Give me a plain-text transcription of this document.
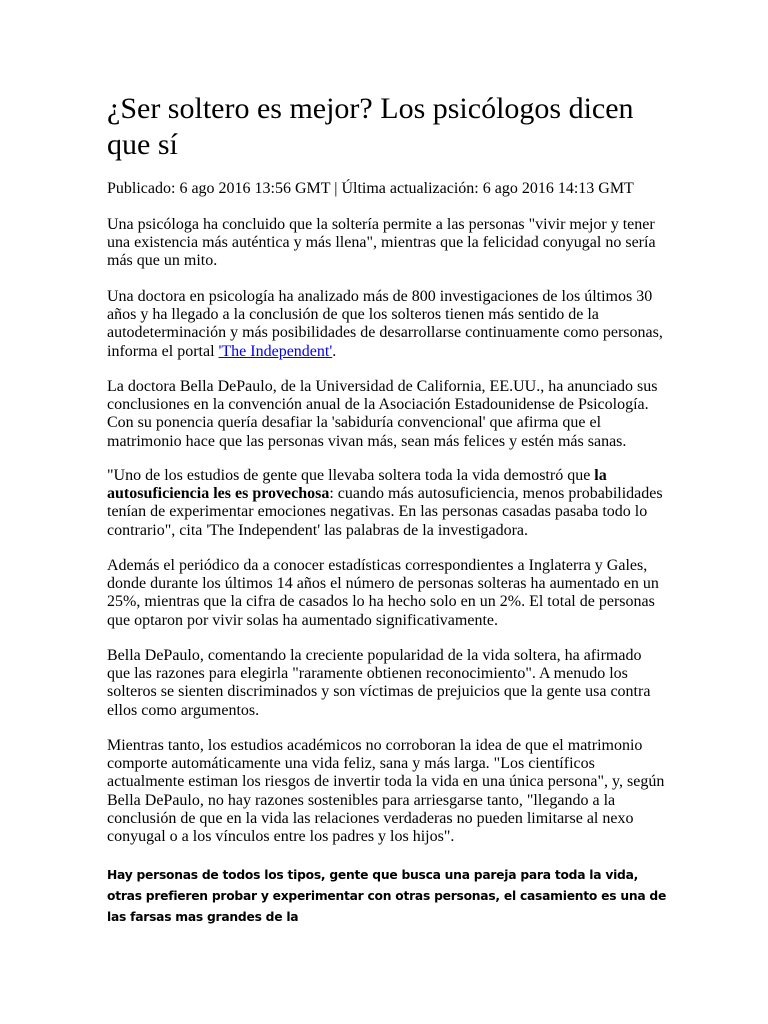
¿Ser soltero es mejor? Los psicólogos dicen que sí

Publicado: 6 ago 2016 13:56 GMT | Última actualización: 6 ago 2016 14:13 GMT

Una psicóloga ha concluido que la soltería permite a las personas "vivir mejor y tener una existencia más auténtica y más llena", mientras que la felicidad conyugal no sería más que un mito.

Una doctora en psicología ha analizado más de 800 investigaciones de los últimos 30 años y ha llegado a la conclusión de que los solteros tienen más sentido de la autodeterminación y más posibilidades de desarrollarse continuamente como personas, informa el portal 'The Independent'.

La doctora Bella DePaulo, de la Universidad de California, EE.UU., ha anunciado sus conclusiones en la convención anual de la Asociación Estadounidense de Psicología. Con su ponencia quería desafiar la 'sabiduría convencional' que afirma que el matrimonio hace que las personas vivan más, sean más felices y estén más sanas.

"Uno de los estudios de gente que llevaba soltera toda la vida demostró que la autosuficiencia les es provechosa: cuando más autosuficiencia, menos probabilidades tenían de experimentar emociones negativas. En las personas casadas pasaba todo lo contrario", cita 'The Independent' las palabras de la investigadora.

Además el periódico da a conocer estadísticas correspondientes a Inglaterra y Gales, donde durante los últimos 14 años el número de personas solteras ha aumentado en un 25%, mientras que la cifra de casados lo ha hecho solo en un 2%. El total de personas que optaron por vivir solas ha aumentado significativamente.

Bella DePaulo, comentando la creciente popularidad de la vida soltera, ha afirmado que las razones para elegirla "raramente obtienen reconocimiento". A menudo los solteros se sienten discriminados y son víctimas de prejuicios que la gente usa contra ellos como argumentos.

Mientras tanto, los estudios académicos no corroboran la idea de que el matrimonio comporte automáticamente una vida feliz, sana y más larga. "Los científicos actualmente estiman los riesgos de invertir toda la vida en una única persona", y, según Bella DePaulo, no hay razones sostenibles para arriesgarse tanto, "llegando a la conclusión de que en la vida las relaciones verdaderas no pueden limitarse al nexo conyugal o a los vínculos entre los padres y los hijos".

Hay personas de todos los tipos, gente que busca una pareja para toda la vida, otras prefieren probar y experimentar con otras personas, el casamiento es una de las farsas mas grandes de la
